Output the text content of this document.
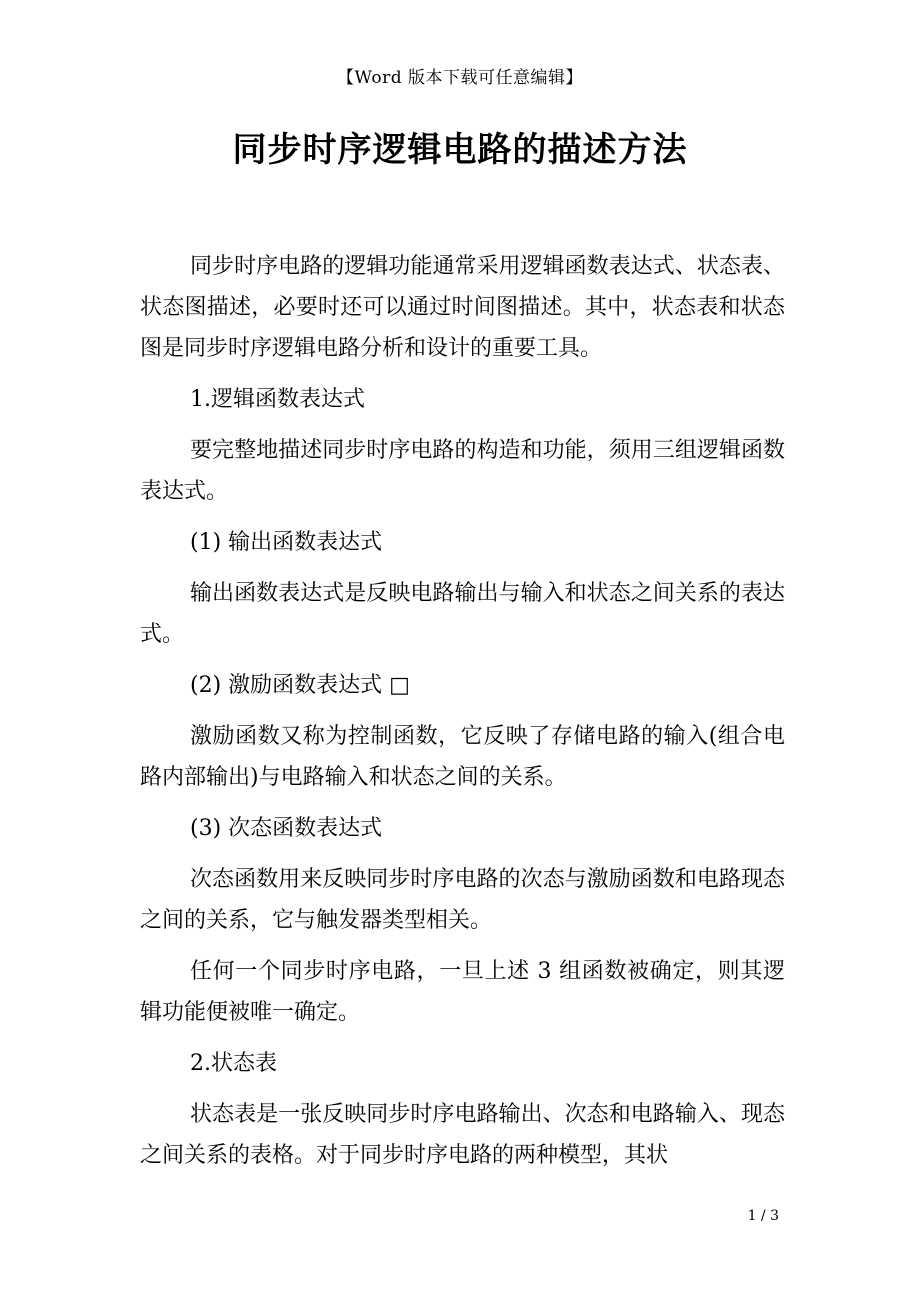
【Word 版本下载可任意编辑】
同步时序逻辑电路的描述方法

同步时序电路的逻辑功能通常采用逻辑函数表达式、状态表、状态图描述，必要时还可以通过时间图描述。其中，状态表和状态图是同步时序逻辑电路分析和设计的重要工具。

1.逻辑函数表达式

要完整地描述同步时序电路的构造和功能，须用三组逻辑函数表达式。

(1) 输出函数表达式

输出函数表达式是反映电路输出与输入和状态之间关系的表达式。

(2) 激励函数表达式 □

激励函数又称为控制函数，它反映了存储电路的输入(组合电路内部输出)与电路输入和状态之间的关系。

(3) 次态函数表达式

次态函数用来反映同步时序电路的次态与激励函数和电路现态之间的关系，它与触发器类型相关。

任何一个同步时序电路，一旦上述 3 组函数被确定，则其逻辑功能便被唯一确定。

2.状态表

状态表是一张反映同步时序电路输出、次态和电路输入、现态之间关系的表格。对于同步时序电路的两种模型，其状

1 / 3
